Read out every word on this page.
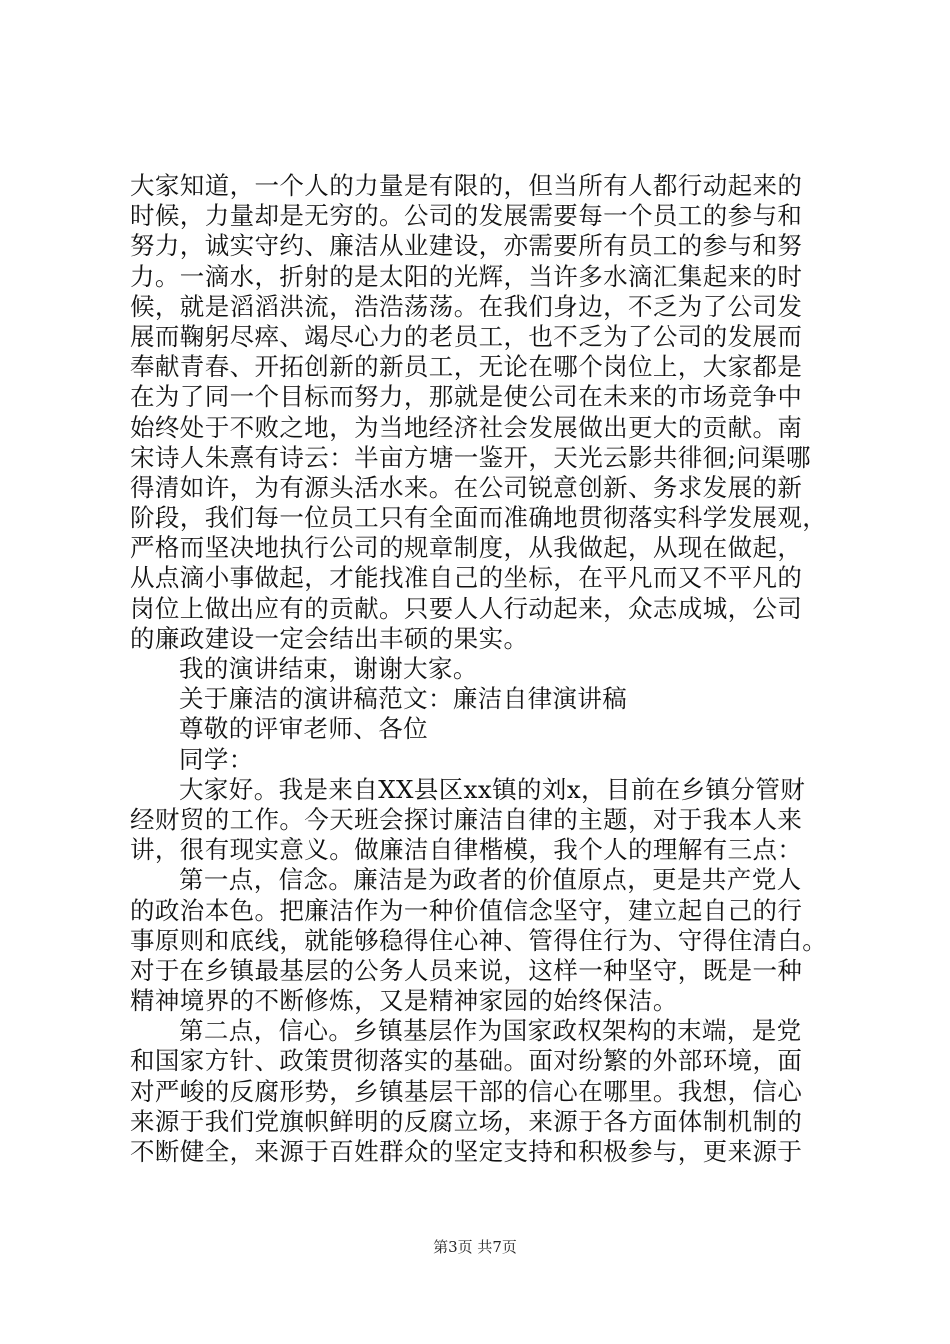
大家知道，一个人的力量是有限的，但当所有人都行动起来的
时候，力量却是无穷的。公司的发展需要每一个员工的参与和
努力，诚实守约、廉洁从业建设，亦需要所有员工的参与和努
力。一滴水，折射的是太阳的光辉，当许多水滴汇集起来的时
候，就是滔滔洪流，浩浩荡荡。在我们身边，不乏为了公司发
展而鞠躬尽瘁、竭尽心力的老员工，也不乏为了公司的发展而
奉献青春、开拓创新的新员工，无论在哪个岗位上，大家都是
在为了同一个目标而努力，那就是使公司在未来的市场竞争中
始终处于不败之地，为当地经济社会发展做出更大的贡献。南
宋诗人朱熹有诗云：半亩方塘一鉴开，天光云影共徘徊;问渠哪
得清如许，为有源头活水来。在公司锐意创新、务求发展的新
阶段，我们每一位员工只有全面而准确地贯彻落实科学发展观，
严格而坚决地执行公司的规章制度，从我做起，从现在做起，
从点滴小事做起，才能找准自己的坐标，在平凡而又不平凡的
岗位上做出应有的贡献。只要人人行动起来，众志成城，公司
的廉政建设一定会结出丰硕的果实。
我的演讲结束，谢谢大家。
关于廉洁的演讲稿范文：廉洁自律演讲稿
尊敬的评审老师、各位
同学：
大家好。我是来自XX县区xx镇的刘x，目前在乡镇分管财
经财贸的工作。今天班会探讨廉洁自律的主题，对于我本人来
讲，很有现实意义。做廉洁自律楷模，我个人的理解有三点：
第一点，信念。廉洁是为政者的价值原点，更是共产党人
的政治本色。把廉洁作为一种价值信念坚守，建立起自己的行
事原则和底线，就能够稳得住心神、管得住行为、守得住清白。
对于在乡镇最基层的公务人员来说，这样一种坚守，既是一种
精神境界的不断修炼，又是精神家园的始终保洁。
第二点，信心。乡镇基层作为国家政权架构的末端，是党
和国家方针、政策贯彻落实的基础。面对纷繁的外部环境，面
对严峻的反腐形势，乡镇基层干部的信心在哪里。我想，信心
来源于我们党旗帜鲜明的反腐立场，来源于各方面体制机制的
不断健全，来源于百姓群众的坚定支持和积极参与，更来源于
第3页 共7页
